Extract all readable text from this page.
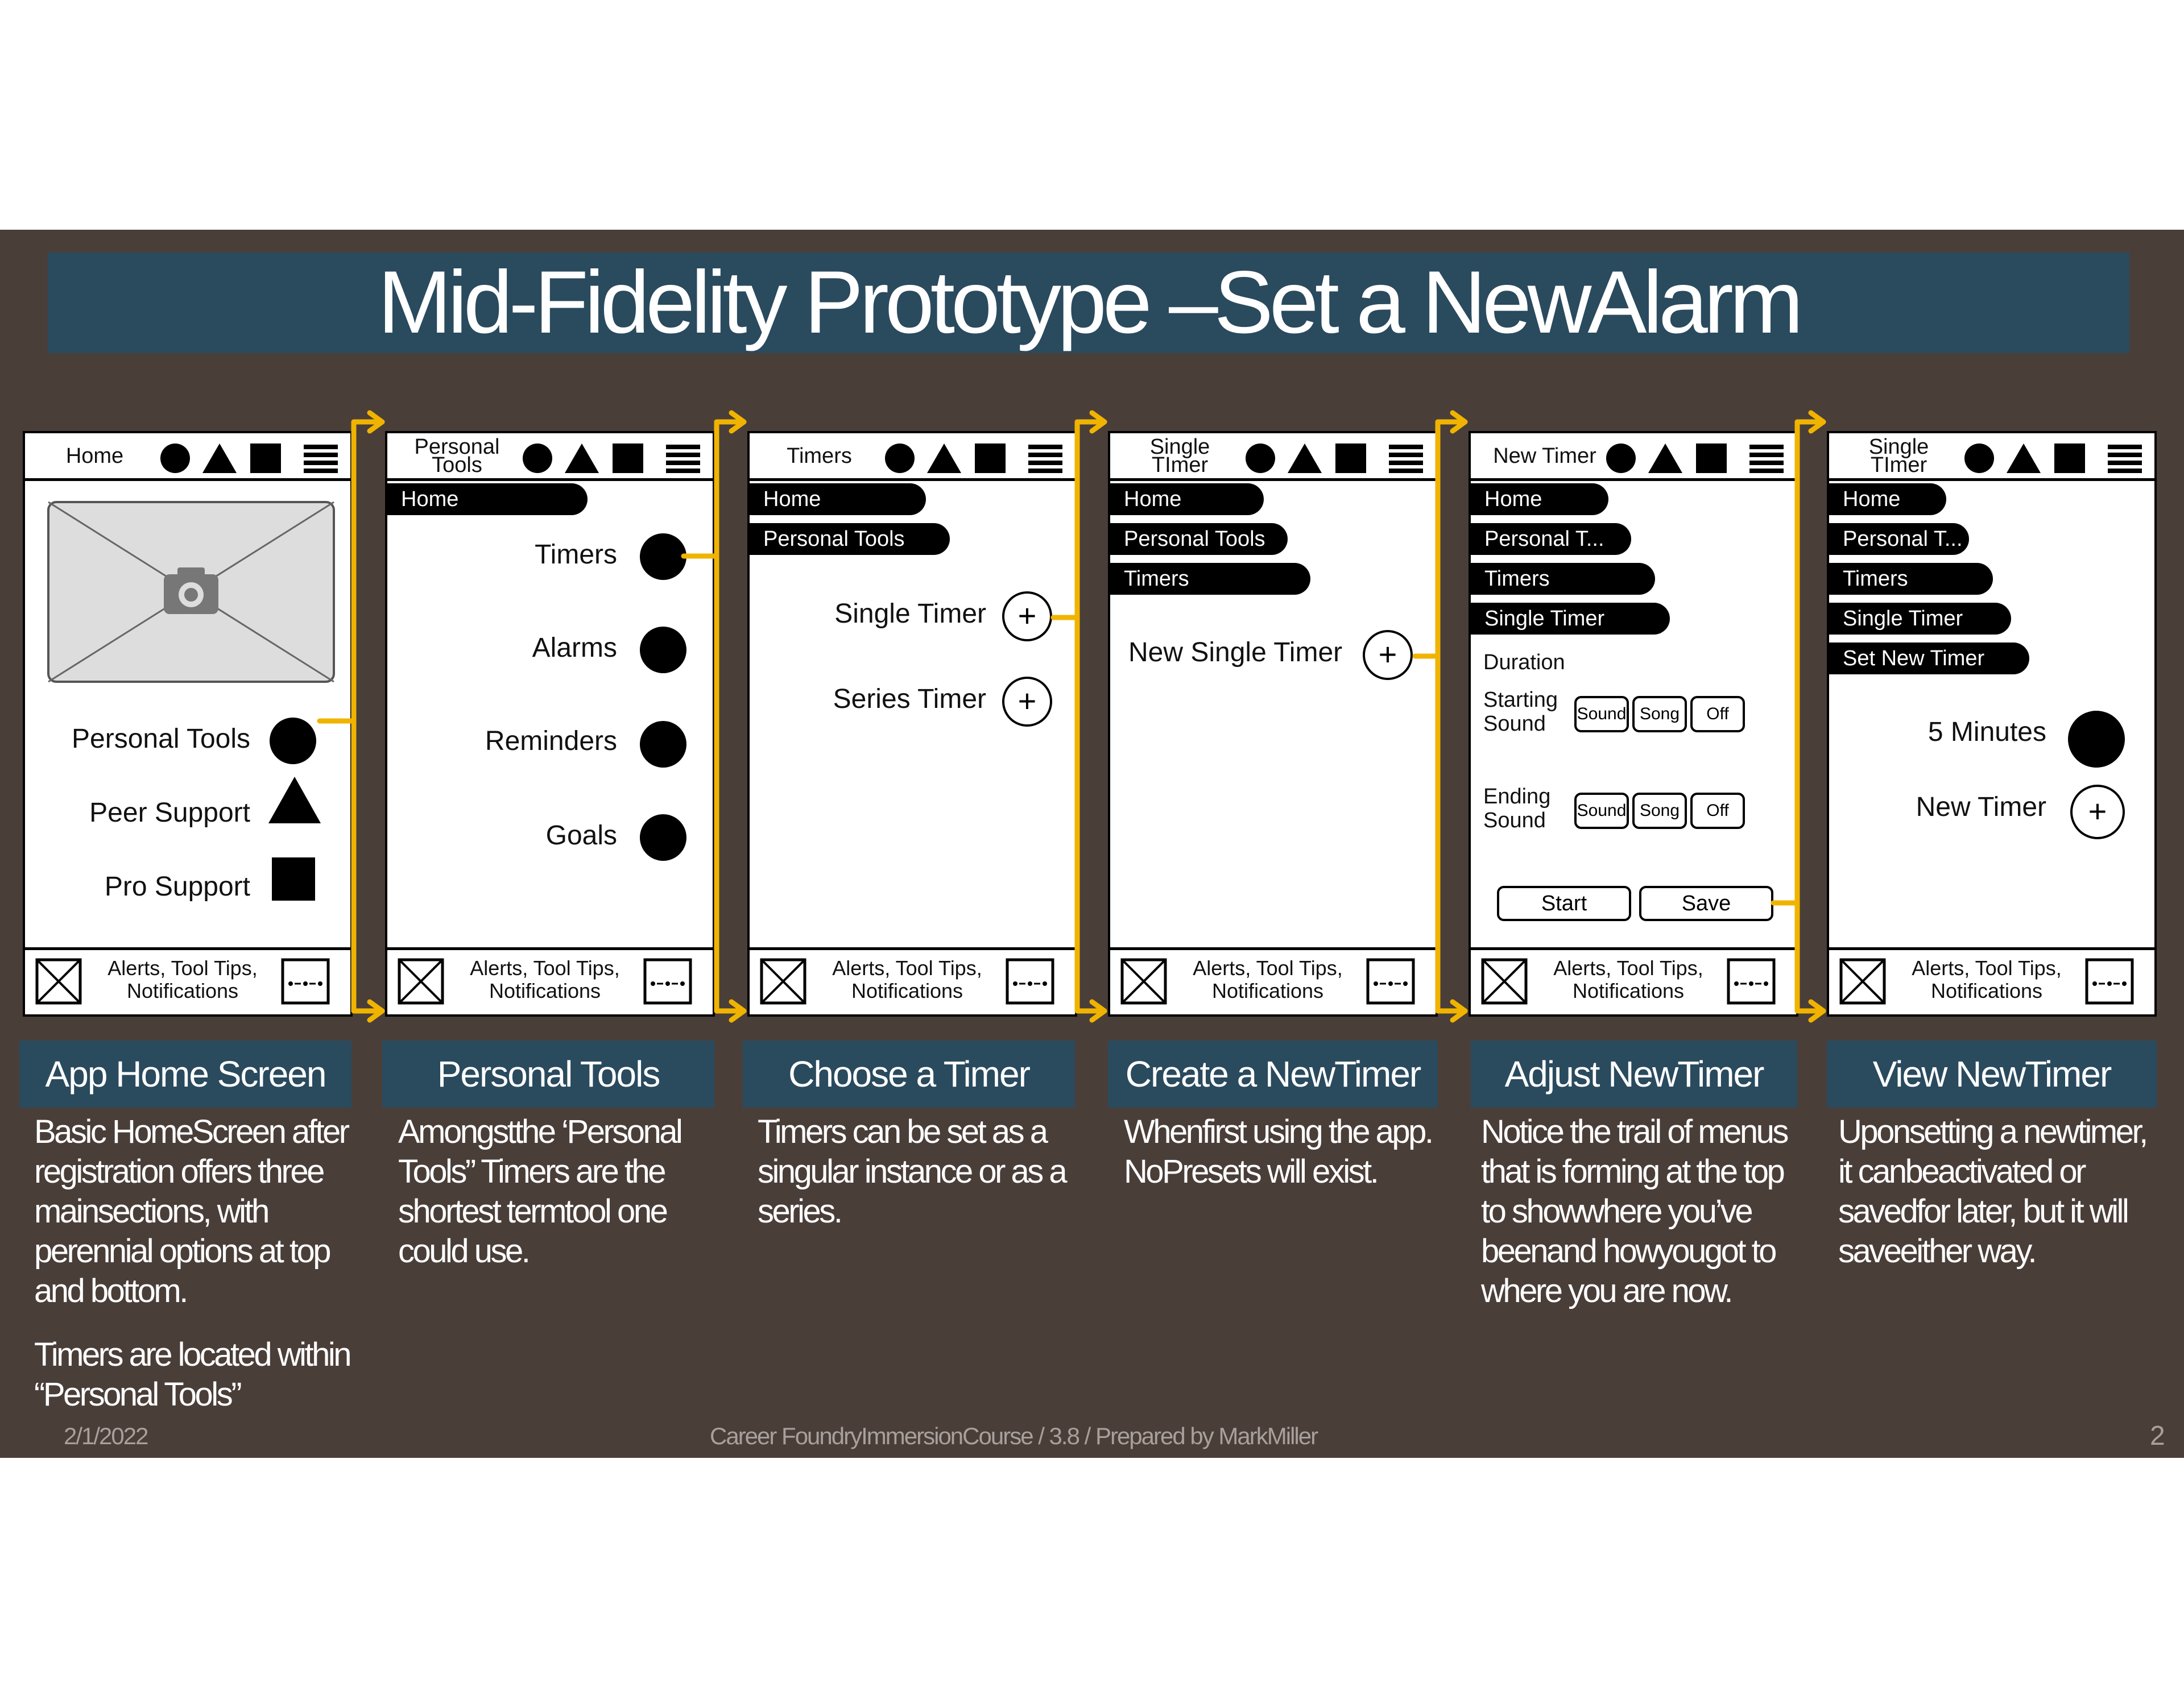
Mid-Fidelity Prototype –Set a NewAlarm
Home
Personal Tools
Peer Support
Pro Support
Alerts, Tool Tips, Notifications
Personal Tools
Home
Timers
Alarms
Reminders
Goals
Alerts, Tool Tips, Notifications
Timers
Home
Personal Tools
Single Timer +
Series Timer +
Alerts, Tool Tips, Notifications
Single TImer
Home
Personal Tools
Timers
New Single Timer	+
Alerts, Tool Tips, Notifications
New Timer
Home
Personal T...
Timers
Single Timer
Duration
Starting Sound	Sound Song	Off
Ending Sound	Sound Song	Off
Start	Save
Alerts, Tool Tips, Notifications
Single TImer
Home
Personal T...
Timers
Single Timer
Set New Timer
5 Minutes
New Timer	+
Alerts, Tool Tips, Notifications
App Home Screen	Personal Tools	Choose a Timer	Create a NewTimer	Adjust NewTimer	View NewTimer
Basic HomeScreen after registration offers three mainsections, with perennial options at top and bottom.
Timers are located within “Personal Tools”
Amongstthe ‘Personal Tools” Timers are the shortest termtool one could use.
Timers can be set as a singular instance or as a series.
Whenfirst using the app. NoPresets will exist.
Notice the trail of menus that is forming at the top to showwhere you’ve beenand howyougot to where you are now.
Uponsetting a newtimer, it canbeactivated or savedfor later, but it will saveeither way.
2/1/2022	Career FoundryImmersionCourse / 3.8 / Prepared by MarkMiller	2
